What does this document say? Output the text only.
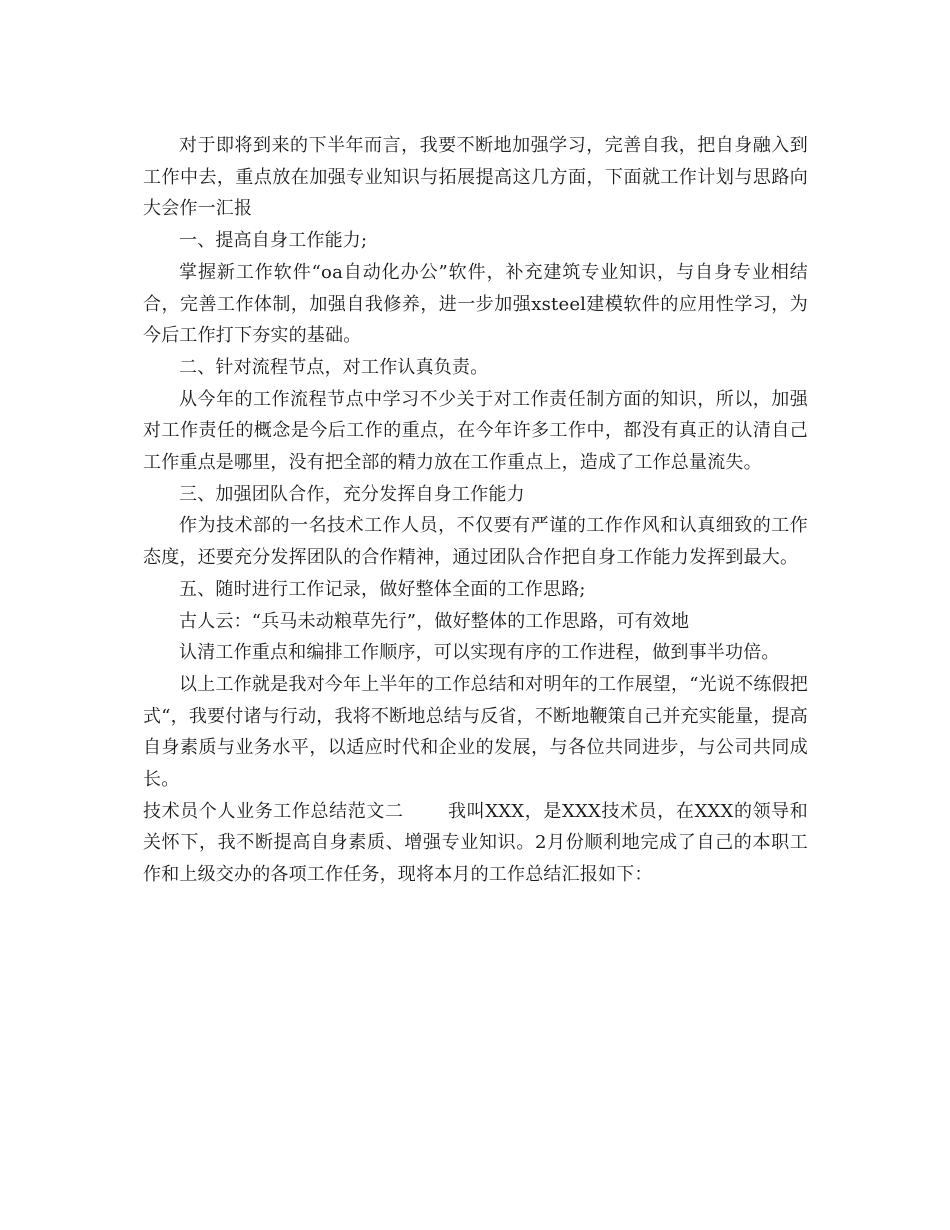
对于即将到来的下半年而言，我要不断地加强学习，完善自我，把自身融入到工作中去，重点放在加强专业知识与拓展提高这几方面，下面就工作计划与思路向大会作一汇报

一、提高自身工作能力;

掌握新工作软件“oa自动化办公”软件，补充建筑专业知识，与自身专业相结合，完善工作体制，加强自我修养，进一步加强xsteel建模软件的应用性学习，为今后工作打下夯实的基础。

二、针对流程节点，对工作认真负责。

从今年的工作流程节点中学习不少关于对工作责任制方面的知识，所以，加强对工作责任的概念是今后工作的重点，在今年许多工作中，都没有真正的认清自己工作重点是哪里，没有把全部的精力放在工作重点上，造成了工作总量流失。

三、加强团队合作，充分发挥自身工作能力

作为技术部的一名技术工作人员，不仅要有严谨的工作作风和认真细致的工作态度，还要充分发挥团队的合作精神，通过团队合作把自身工作能力发挥到最大。

五、随时进行工作记录，做好整体全面的工作思路;

古人云：“兵马未动粮草先行”，做好整体的工作思路，可有效地

认清工作重点和编排工作顺序，可以实现有序的工作进程，做到事半功倍。

以上工作就是我对今年上半年的工作总结和对明年的工作展望，“光说不练假把式“，我要付诸与行动，我将不断地总结与反省，不断地鞭策自己并充实能量，提高自身素质与业务水平，以适应时代和企业的发展，与各位共同进步，与公司共同成长。

技术员个人业务工作总结范文二 我叫XXX，是XXX技术员，在XXX的领导和关怀下，我不断提高自身素质、增强专业知识。2月份顺利地完成了自己的本职工作和上级交办的各项工作任务，现将本月的工作总结汇报如下：
